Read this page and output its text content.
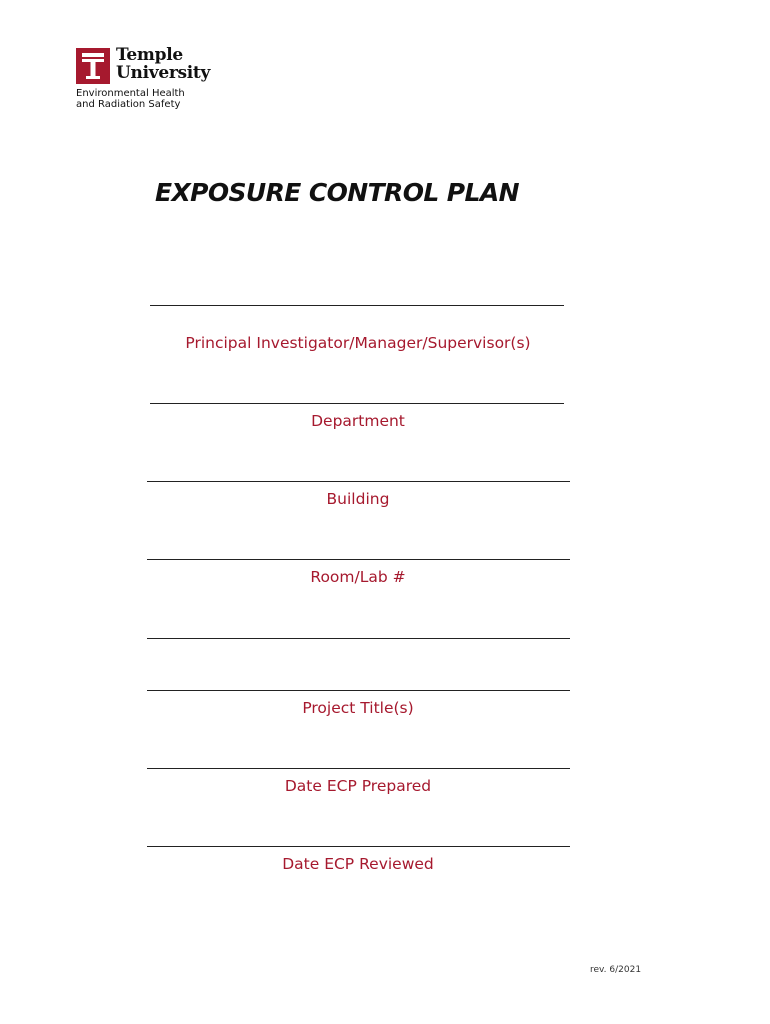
Temple
University
Environmental Health
and Radiation Safety
EXPOSURE CONTROL PLAN
Principal Investigator/Manager/Supervisor(s)
Department
Building
Room/Lab #
Project Title(s)
Date ECP Prepared
Date ECP Reviewed
rev. 6/2021
